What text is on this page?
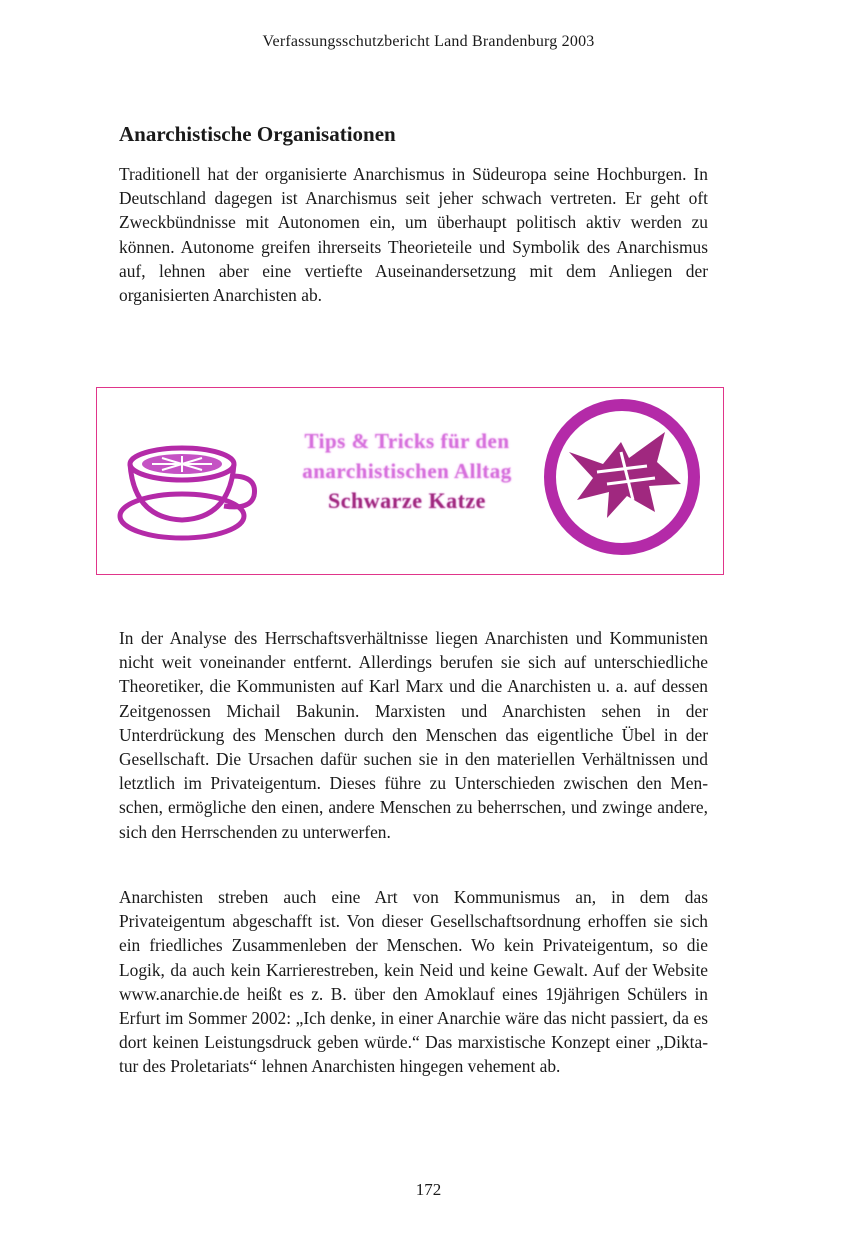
Verfassungsschutzbericht Land Brandenburg 2003
Anarchistische Organisationen

Traditionell hat der organisierte Anarchismus in Südeuropa seine Hochburgen. In Deutschland dagegen ist Anarchismus seit jeher schwach vertreten. Er geht oft Zweckbündnisse mit Autonomen ein, um überhaupt politisch aktiv werden zu können. Autonome greifen ihrerseits Theorieteile und Symbolik des Anarchismus auf, lehnen aber eine vertiefte Auseinandersetzung mit dem Anliegen der organisierten Anarchisten ab.

Tips & Tricks für den
anarchistischen Alltag
Schwarze Katze

In der Analyse des Herrschaftsverhältnisse liegen Anarchisten und Kommunisten nicht weit voneinander entfernt. Allerdings berufen sie sich auf unterschiedliche Theoretiker, die Kommunisten auf Karl Marx und die Anarchisten u. a. auf dessen Zeitgenossen Michail Bakunin. Marxisten und Anarchisten sehen in der Unterdrückung des Menschen durch den Menschen das eigentliche Übel in der Gesellschaft. Die Ursachen dafür suchen sie in den materiellen Verhältnissen und letztlich im Privateigentum. Dieses führe zu Unterschieden zwischen den Menschen, ermögliche den einen, andere Menschen zu beherrschen, und zwinge andere, sich den Herrschenden zu unterwerfen.

Anarchisten streben auch eine Art von Kommunismus an, in dem das Privateigentum abgeschafft ist. Von dieser Gesellschaftsordnung erhoffen sie sich ein friedliches Zusammenleben der Menschen. Wo kein Privateigentum, so die Logik, da auch kein Karrierestreben, kein Neid und keine Gewalt. Auf der Website www.anarchie.de heißt es z. B. über den Amoklauf eines 19jährigen Schülers in Erfurt im Sommer 2002: „Ich denke, in einer Anarchie wäre das nicht passiert, da es dort keinen Leistungsdruck geben würde.“ Das marxistische Konzept einer „Diktatur des Proletariats“ lehnen Anarchisten hingegen vehement ab.

172
